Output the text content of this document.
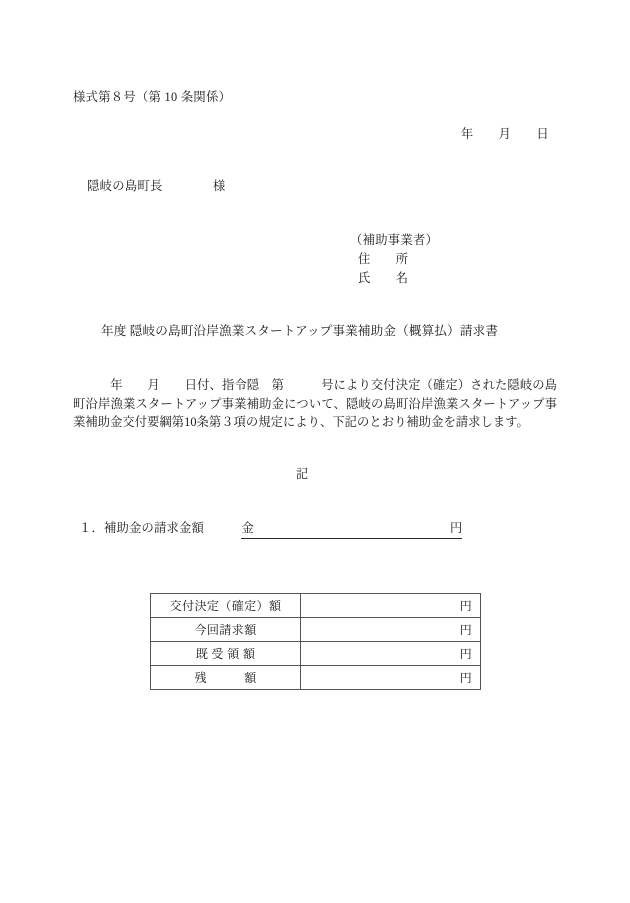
様式第８号（第 10 条関係）
年　　月　　日
隠岐の島町長　　　　様
（補助事業者）
住　　所
氏　　名
年度 隠岐の島町沿岸漁業スタートアップ事業補助金（概算払）請求書
　　　年　　月　　日付、指令隠　第　　　号により交付決定（確定）された隠岐の島町沿岸漁業スタートアップ事業補助金について、隠岐の島町沿岸漁業スタートアップ事業補助金交付要綱第10条第３項の規定により、下記のとおり補助金を請求します。
記
１．補助金の請求金額　　　	金	円
交付決定（確定）額	円
今回請求額	円
既 受 領 額	円
残　　　額	円
